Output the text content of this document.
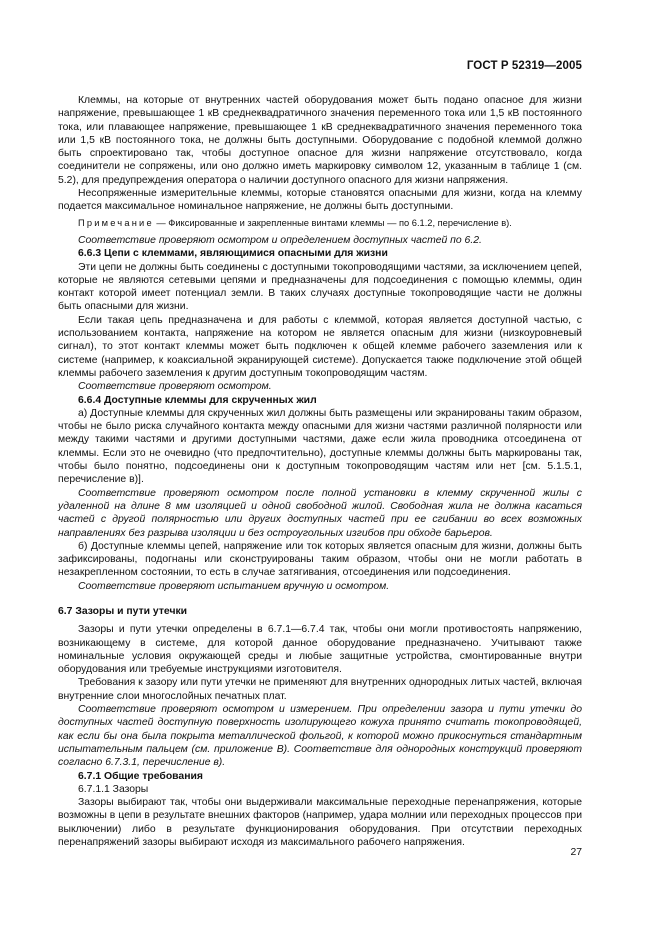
ГОСТ Р 52319—2005

Клеммы, на которые от внутренних частей оборудования может быть подано опасное для жизни напряжение, превышающее 1 кВ среднеквадратичного значения переменного тока или 1,5 кВ постоянного тока, или плавающее напряжение, превышающее 1 кВ среднеквадратичного значения переменного тока или 1,5 кВ постоянного тока, не должны быть доступными. Оборудование с подобной клеммой должно быть спроектировано так, чтобы доступное опасное для жизни напряжение отсутствовало, когда соединители не сопряжены, или оно должно иметь маркировку символом 12, указанным в таблице 1 (см. 5.2), для предупреждения оператора о наличии доступного опасного для жизни напряжения.

Несопряженные измерительные клеммы, которые становятся опасными для жизни, когда на клемму подается максимальное номинальное напряжение, не должны быть доступными.

Примечание — Фиксированные и закрепленные винтами клеммы — по 6.1.2, перечисление в).

Соответствие проверяют осмотром и определением доступных частей по 6.2.

6.6.3 Цепи с клеммами, являющимися опасными для жизни

Эти цепи не должны быть соединены с доступными токопроводящими частями, за исключением цепей, которые не являются сетевыми цепями и предназначены для подсоединения с помощью клеммы, один контакт которой имеет потенциал земли. В таких случаях доступные токопроводящие части не должны быть опасными для жизни.

Если такая цепь предназначена и для работы с клеммой, которая является доступной частью, с использованием контакта, напряжение на котором не является опасным для жизни (низкоуровневый сигнал), то этот контакт клеммы может быть подключен к общей клемме рабочего заземления или к системе (например, к коаксиальной экранирующей системе). Допускается также подключение этой общей клеммы рабочего заземления к другим доступным токопроводящим частям.

Соответствие проверяют осмотром.

6.6.4 Доступные клеммы для скрученных жил

а) Доступные клеммы для скрученных жил должны быть размещены или экранированы таким образом, чтобы не было риска случайного контакта между опасными для жизни частями различной полярности или между такими частями и другими доступными частями, даже если жила проводника отсоединена от клеммы. Если это не очевидно (что предпочтительно), доступные клеммы должны быть маркированы так, чтобы было понятно, подсоединены они к доступным токопроводящим частям или нет [см. 5.1.5.1, перечисление в)].

Соответствие проверяют осмотром после полной установки в клемму скрученной жилы с удаленной на длине 8 мм изоляцией и одной свободной жилой. Свободная жила не должна касаться частей с другой полярностью или других доступных частей при ее сгибании во всех возможных направлениях без разрыва изоляции и без остроугольных изгибов при обходе барьеров.

б) Доступные клеммы цепей, напряжение или ток которых является опасным для жизни, должны быть зафиксированы, подогнаны или сконструированы таким образом, чтобы они не могли работать в незакрепленном состоянии, то есть в случае затягивания, отсоединения или подсоединения.

Соответствие проверяют испытанием вручную и осмотром.

6.7 Зазоры и пути утечки

Зазоры и пути утечки определены в 6.7.1—6.7.4 так, чтобы они могли противостоять напряжению, возникающему в системе, для которой данное оборудование предназначено. Учитывают также номинальные условия окружающей среды и любые защитные устройства, смонтированные внутри оборудования или требуемые инструкциями изготовителя.

Требования к зазору или пути утечки не применяют для внутренних однородных литых частей, включая внутренние слои многослойных печатных плат.

Соответствие проверяют осмотром и измерением. При определении зазора и пути утечки до доступных частей доступную поверхность изолирующего кожуха принято считать токопроводящей, как если бы она была покрыта металлической фольгой, к которой можно прикоснуться стандартным испытательным пальцем (см. приложение В). Соответствие для однородных конструкций проверяют согласно 6.7.3.1, перечисление в).

6.7.1 Общие требования

6.7.1.1 Зазоры

Зазоры выбирают так, чтобы они выдерживали максимальные переходные перенапряжения, которые возможны в цепи в результате внешних факторов (например, удара молнии или переходных процессов при выключении) либо в результате функционирования оборудования. При отсутствии переходных перенапряжений зазоры выбирают исходя из максимального рабочего напряжения.

27
